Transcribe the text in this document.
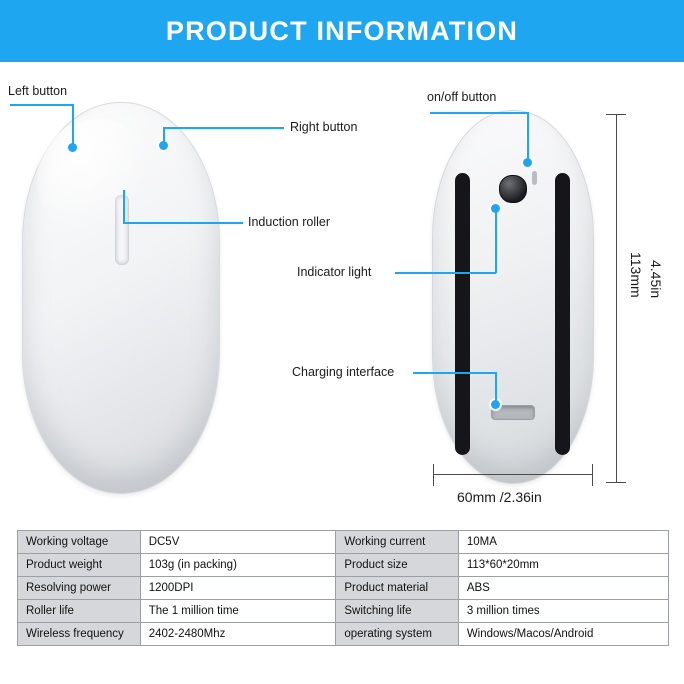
PRODUCT INFORMATION
Left button
Right button
Induction roller
on/off button
Indicator light
Charging interface
113mm 4.45in
60mm /2.36in
Working voltage	DC5V	Working current	10MA
Product weight	103g (in packing)	Product size	113*60*20mm
Resolving power	1200DPI	Product material	ABS
Roller life	The 1 million time	Switching life	3 million times
Wireless frequency	2402-2480Mhz	operating system	Windows/Macos/Android
